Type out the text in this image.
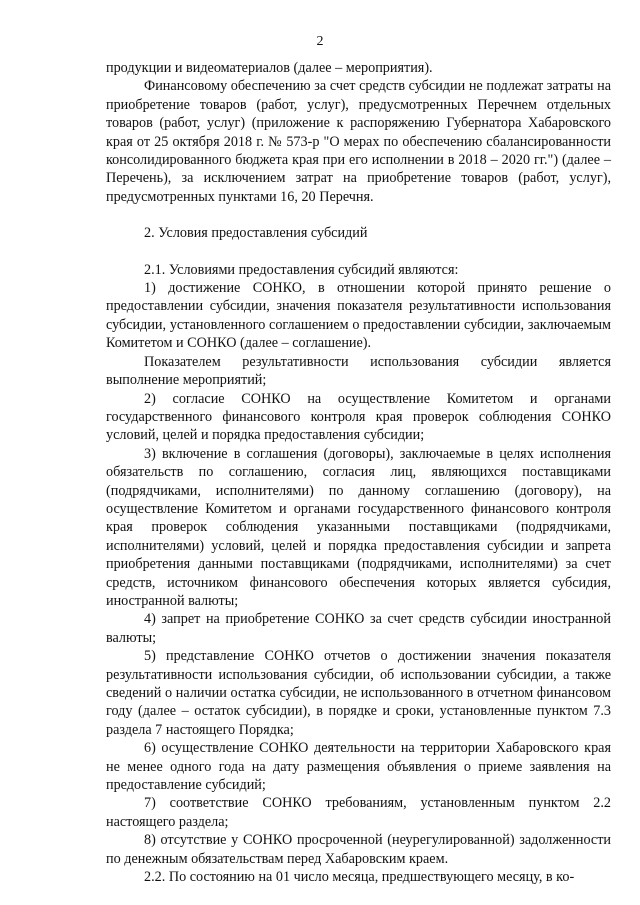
2

продукции и видеоматериалов (далее – мероприятия).

Финансовому обеспечению за счет средств субсидии не подлежат затраты на приобретение товаров (работ, услуг), предусмотренных Перечнем отдельных товаров (работ, услуг) (приложение к распоряжению Губернатора Хабаровского края от 25 октября 2018 г. № 573-р "О мерах по обеспечению сбалансированности консолидированного бюджета края при его исполнении в 2018 – 2020 гг.") (далее – Перечень), за исключением затрат на приобретение товаров (работ, услуг), предусмотренных пунктами 16, 20 Перечня.

2. Условия предоставления субсидий

2.1. Условиями предоставления субсидий являются:

1) достижение СОНКО, в отношении которой принято решение о предоставлении субсидии, значения показателя результативности использования субсидии, установленного соглашением о предоставлении субсидии, заключаемым Комитетом и СОНКО (далее – соглашение).

Показателем результативности использования субсидии является выполнение мероприятий;

2) согласие СОНКО на осуществление Комитетом и органами государственного финансового контроля края проверок соблюдения СОНКО условий, целей и порядка предоставления субсидии;

3) включение в соглашения (договоры), заключаемые в целях исполнения обязательств по соглашению, согласия лиц, являющихся поставщиками (подрядчиками, исполнителями) по данному соглашению (договору), на осуществление Комитетом и органами государственного финансового контроля края проверок соблюдения указанными поставщиками (подрядчиками, исполнителями) условий, целей и порядка предоставления субсидии и запрета приобретения данными поставщиками (подрядчиками, исполнителями) за счет средств, источником финансового обеспечения которых является субсидия, иностранной валюты;

4) запрет на приобретение СОНКО за счет средств субсидии иностранной валюты;

5) представление СОНКО отчетов о достижении значения показателя результативности использования субсидии, об использовании субсидии, а также сведений о наличии остатка субсидии, не использованного в отчетном финансовом году (далее – остаток субсидии), в порядке и сроки, установленные пунктом 7.3 раздела 7 настоящего Порядка;

6) осуществление СОНКО деятельности на территории Хабаровского края не менее одного года на дату размещения объявления о приеме заявления на предоставление субсидий;

7) соответствие СОНКО требованиям, установленным пунктом 2.2 настоящего раздела;

8) отсутствие у СОНКО просроченной (неурегулированной) задолженности по денежным обязательствам перед Хабаровским краем.

2.2. По состоянию на 01 число месяца, предшествующего месяцу, в ко-
